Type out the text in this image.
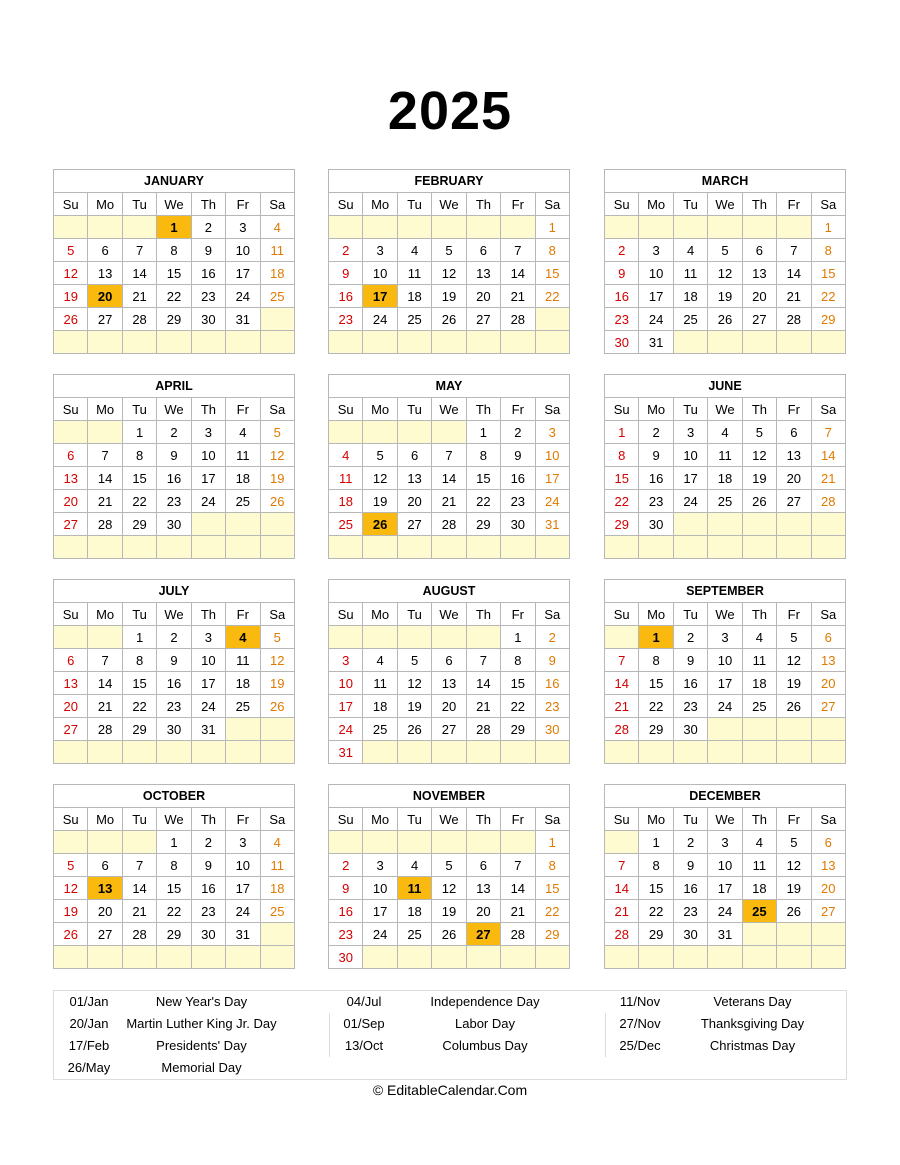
2025
JANUARY						
Su	Mo	Tu	We	Th	Fr	Sa
			1	2	3	4
5	6	7	8	9	10	11
12	13	14	15	16	17	18
19	20	21	22	23	24	25
26	27	28	29	30	31	

FEBRUARY						
Su	Mo	Tu	We	Th	Fr	Sa
						1
2	3	4	5	6	7	8
9	10	11	12	13	14	15
16	17	18	19	20	21	22
23	24	25	26	27	28	

MARCH						
Su	Mo	Tu	We	Th	Fr	Sa
						1
2	3	4	5	6	7	8
9	10	11	12	13	14	15
16	17	18	19	20	21	22
23	24	25	26	27	28	29
30	31					
APRIL						
Su	Mo	Tu	We	Th	Fr	Sa
		1	2	3	4	5
6	7	8	9	10	11	12
13	14	15	16	17	18	19
20	21	22	23	24	25	26
27	28	29	30			

MAY						
Su	Mo	Tu	We	Th	Fr	Sa
				1	2	3
4	5	6	7	8	9	10
11	12	13	14	15	16	17
18	19	20	21	22	23	24
25	26	27	28	29	30	31

JUNE						
Su	Mo	Tu	We	Th	Fr	Sa
1	2	3	4	5	6	7
8	9	10	11	12	13	14
15	16	17	18	19	20	21
22	23	24	25	26	27	28
29	30					

JULY						
Su	Mo	Tu	We	Th	Fr	Sa
		1	2	3	4	5
6	7	8	9	10	11	12
13	14	15	16	17	18	19
20	21	22	23	24	25	26
27	28	29	30	31		

AUGUST						
Su	Mo	Tu	We	Th	Fr	Sa
					1	2
3	4	5	6	7	8	9
10	11	12	13	14	15	16
17	18	19	20	21	22	23
24	25	26	27	28	29	30
31						
SEPTEMBER						
Su	Mo	Tu	We	Th	Fr	Sa
	1	2	3	4	5	6
7	8	9	10	11	12	13
14	15	16	17	18	19	20
21	22	23	24	25	26	27
28	29	30				

OCTOBER						
Su	Mo	Tu	We	Th	Fr	Sa
			1	2	3	4
5	6	7	8	9	10	11
12	13	14	15	16	17	18
19	20	21	22	23	24	25
26	27	28	29	30	31	

NOVEMBER						
Su	Mo	Tu	We	Th	Fr	Sa
						1
2	3	4	5	6	7	8
9	10	11	12	13	14	15
16	17	18	19	20	21	22
23	24	25	26	27	28	29
30						
DECEMBER						
Su	Mo	Tu	We	Th	Fr	Sa
	1	2	3	4	5	6
7	8	9	10	11	12	13
14	15	16	17	18	19	20
21	22	23	24	25	26	27
28	29	30	31			

01/Jan	New Year's Day
20/Jan	Martin Luther King Jr. Day
17/Feb	Presidents' Day
26/May	Memorial Day
04/Jul	Independence Day
01/Sep	Labor Day
13/Oct	Columbus Day
11/Nov	Veterans Day
27/Nov	Thanksgiving Day
25/Dec	Christmas Day
© EditableCalendar.Com
